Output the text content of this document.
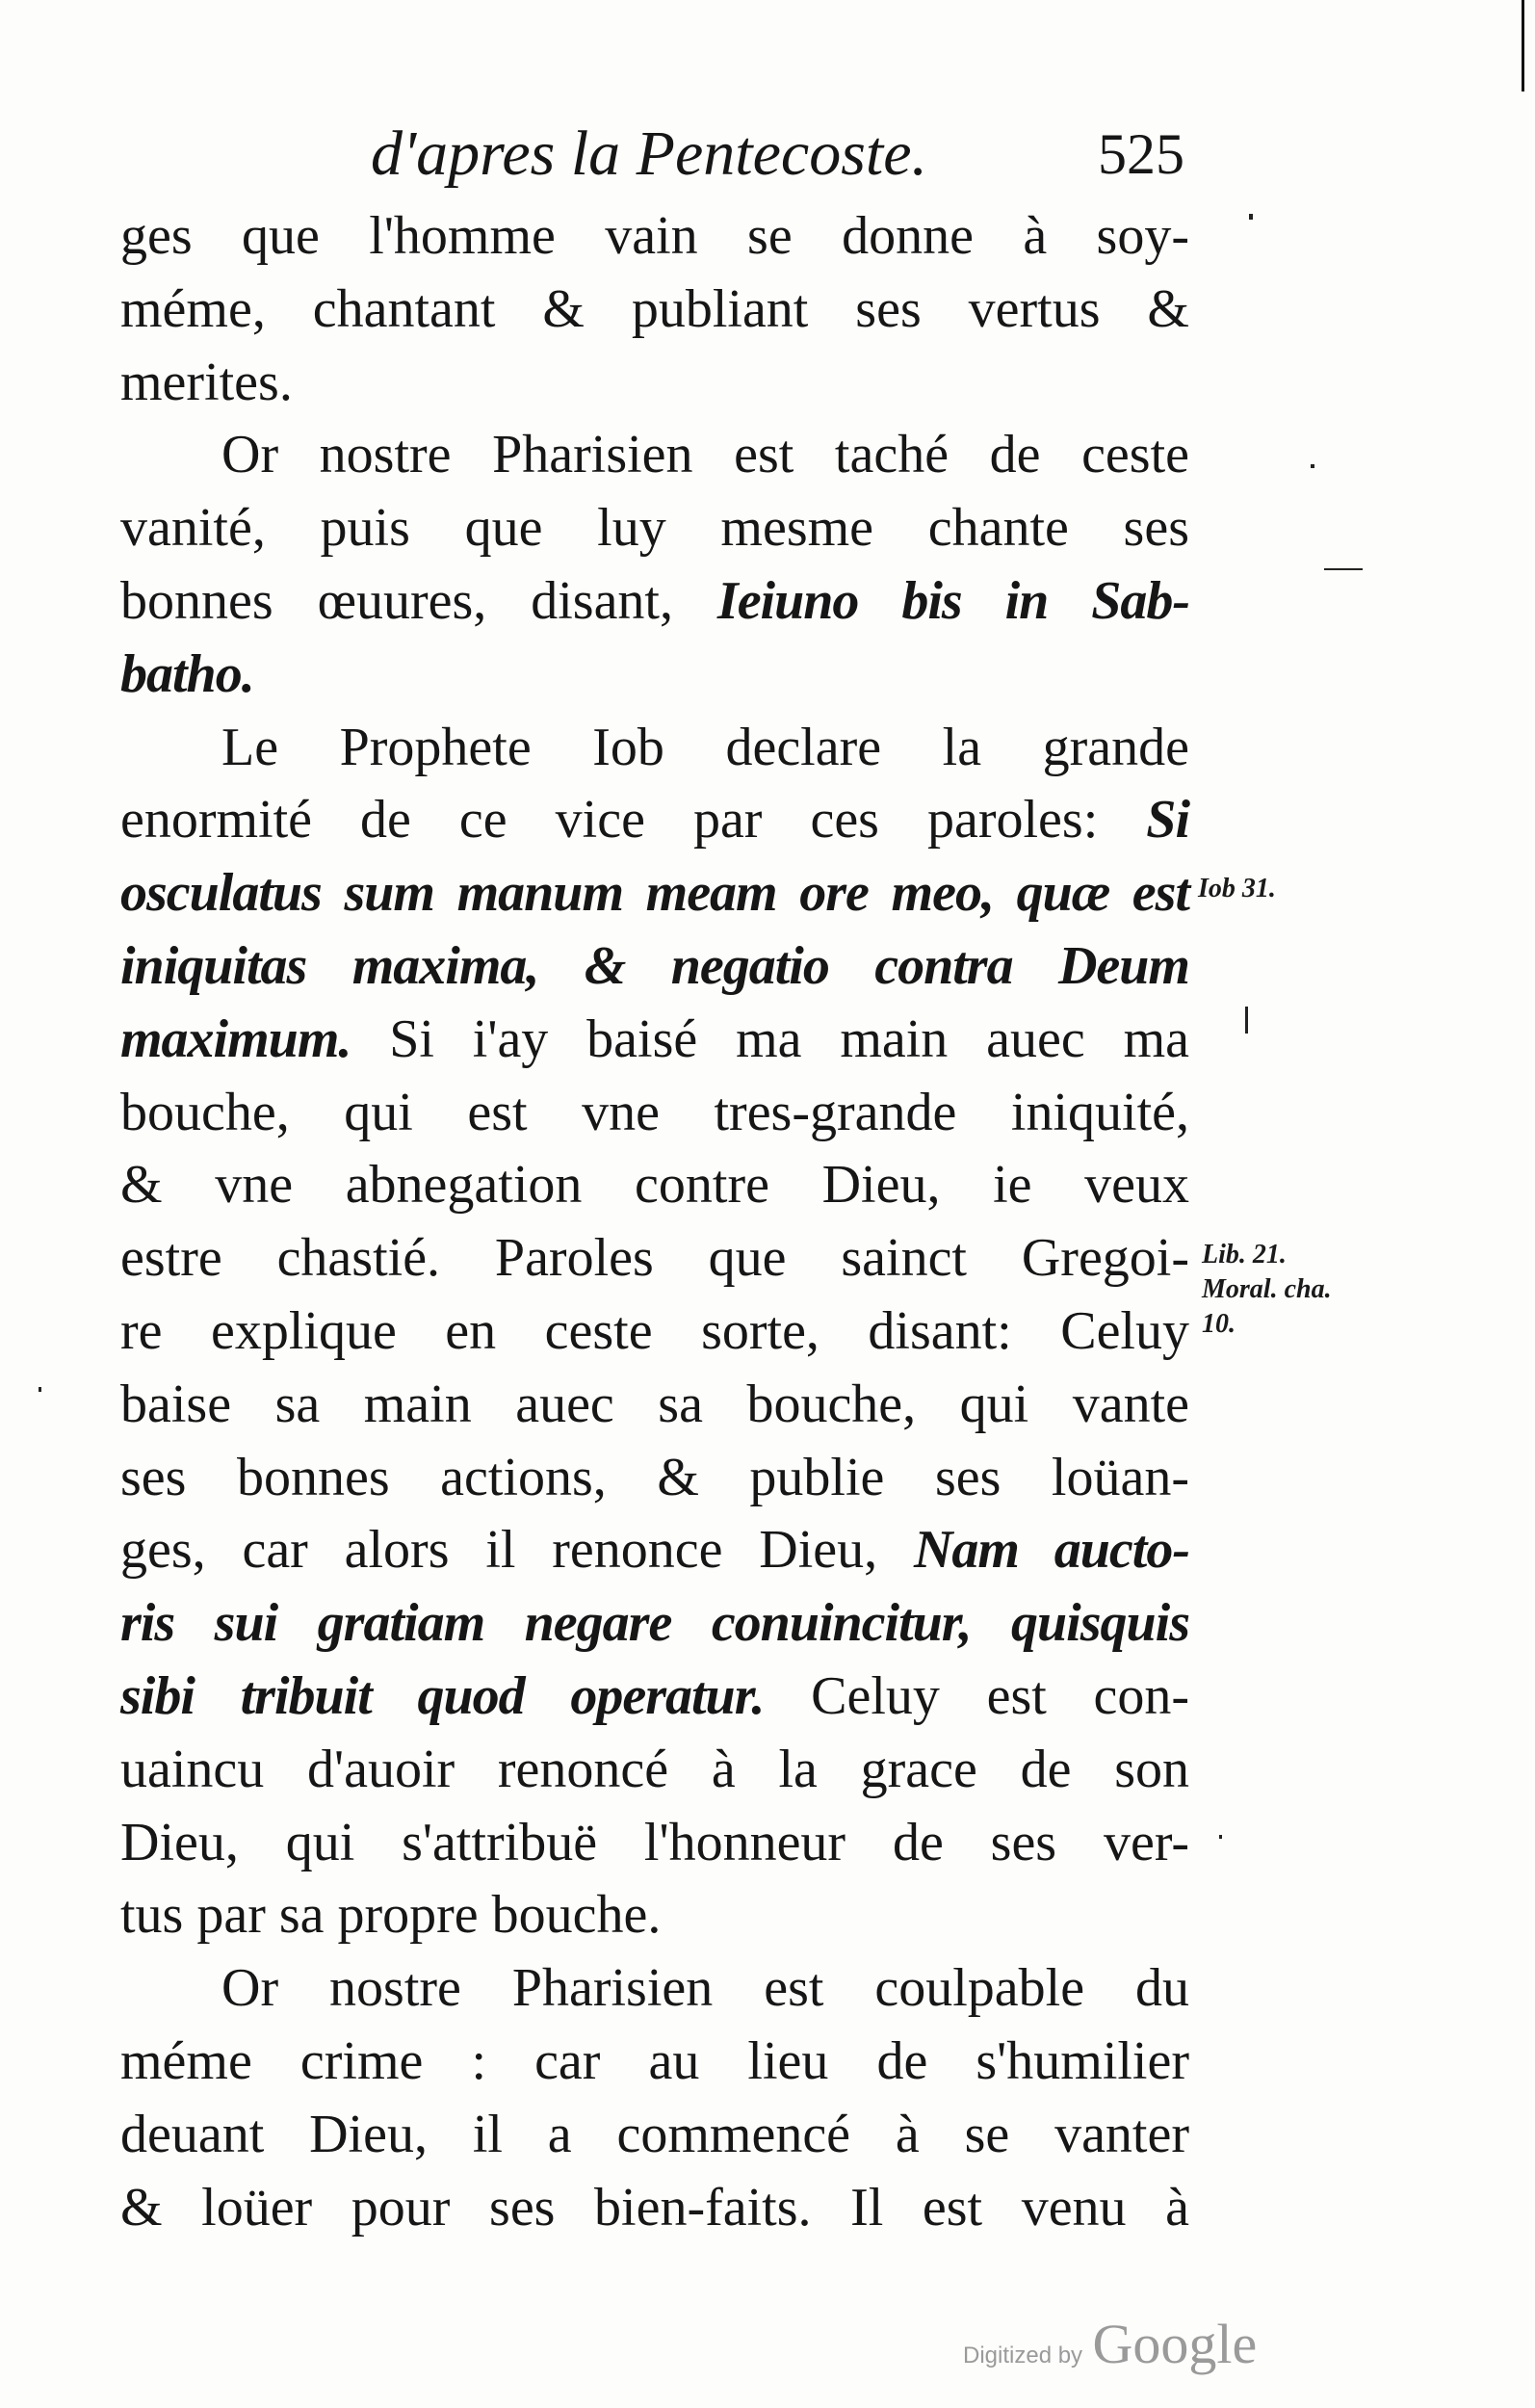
d'apres la Pentecoste.	525
ges que l'homme vain se donne à soy-
méme, chantant & publiant ses vertus &
merites.
Or nostre Pharisien est taché de ceste
vanité, puis que luy mesme chante ses
bonnes œuures, disant, Ieiuno bis in Sab-
batho.
Le Prophete Iob declare la grande
enormité de ce vice par ces paroles: Si
osculatus sum manum meam ore meo, quæ est
iniquitas maxima, & negatio contra Deum
maximum. Si i'ay baisé ma main auec ma
bouche, qui est vne tres-grande iniquité,
& vne abnegation contre Dieu, ie veux
estre chastié. Paroles que sainct Gregoi-
re explique en ceste sorte, disant: Celuy
baise sa main auec sa bouche, qui vante
ses bonnes actions, & publie ses loüan-
ges, car alors il renonce Dieu, Nam aucto-
ris sui gratiam negare conuincitur, quisquis
sibi tribuit quod operatur. Celuy est con-
uaincu d'auoir renoncé à la grace de son
Dieu, qui s'attribuë l'honneur de ses ver-
tus par sa propre bouche.
Or nostre Pharisien est coulpable du
méme crime : car au lieu de s'humilier
deuant Dieu, il a commencé à se vanter
& loüer pour ses bien-faits. Il est venu à
Iob 31.
Lib. 21. Moral. cha. 10.
Digitized by Google
